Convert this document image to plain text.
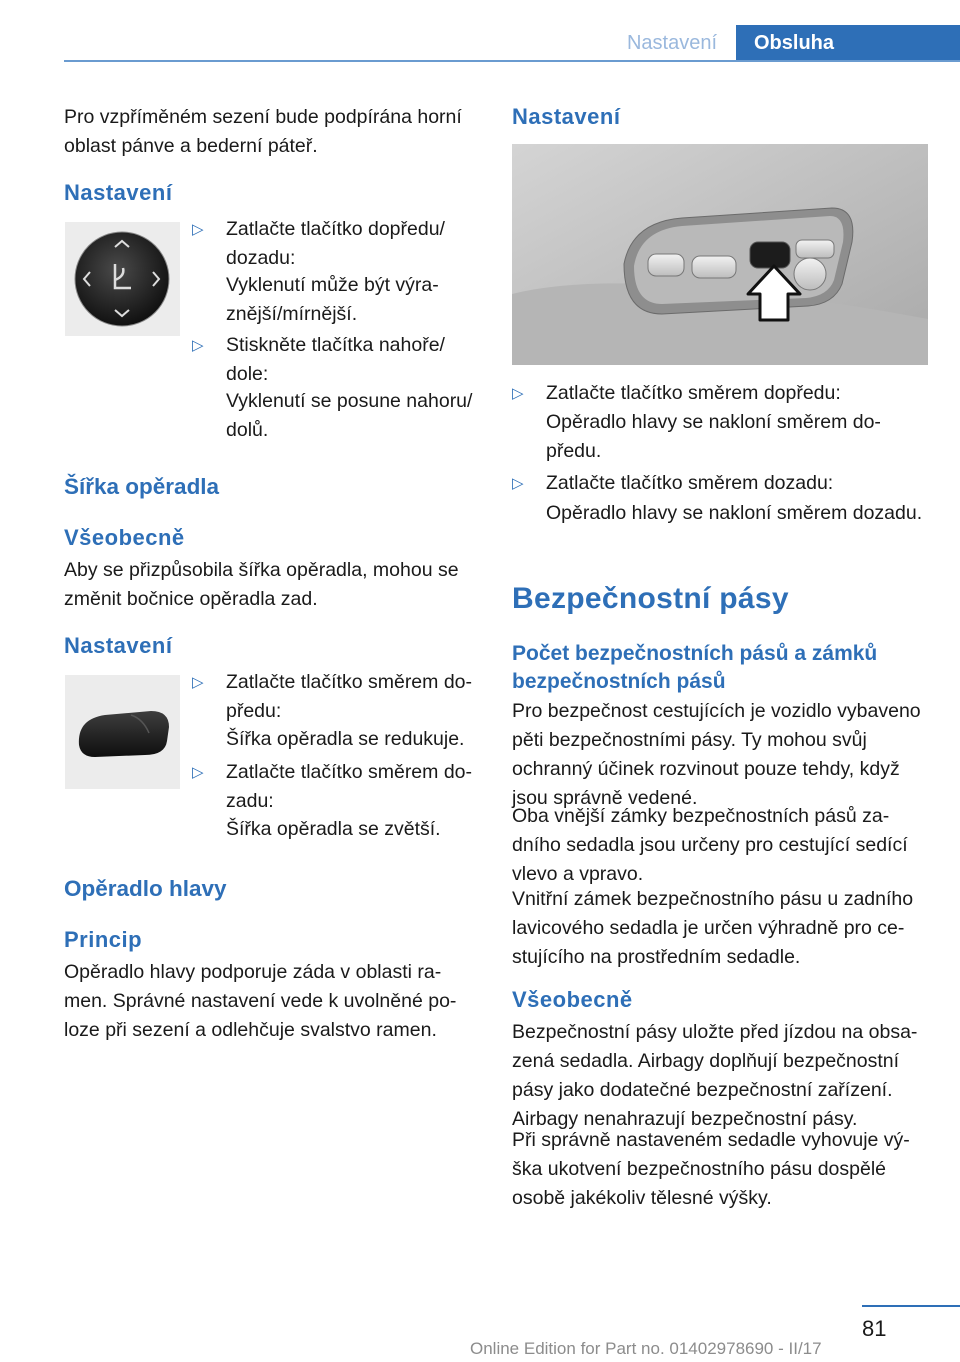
Nastavení	Obsluha

Pro vzpříměném sezení bude podpírána horní oblast pánve a bederní páteř.

Nastavení
▷	Zatlačte tlačítko dopředu/ dozadu:

Vyklenutí může být výra- znější/mírnější.

▷	Stiskněte tlačítka nahoře/ dole:

Vyklenutí se posune nahoru/ dolů.

Šířka opěradla
Všeobecně

Aby se přizpůsobila šířka opěradla, mohou se změnit bočnice opěradla zad.

Nastavení
▷	Zatlačte tlačítko směrem do- předu:

Šířka opěradla se redukuje.

▷	Zatlačte tlačítko směrem do- zadu:

Šířka opěradla se zvětší.

Opěradlo hlavy
Princip

Opěradlo hlavy podporuje záda v oblasti ra- men. Správné nastavení vede k uvolněné po- loze při sezení a odlehčuje svalstvo ramen.

Nastavení
▷	Zatlačte tlačítko směrem dopředu:

Opěradlo hlavy se nakloní směrem do- předu.

▷	Zatlačte tlačítko směrem dozadu:

Opěradlo hlavy se nakloní směrem dozadu.

Bezpečnostní pásy

Počet bezpečnostních pásů a zámků bezpečnostních pásů

Pro bezpečnost cestujících je vozidlo vybaveno pěti bezpečnostními pásy. Ty mohou svůj ochranný účinek rozvinout pouze tehdy, když jsou správně vedené.

Oba vnější zámky bezpečnostních pásů za- dního sedadla jsou určeny pro cestující sedící vlevo a vpravo.

Vnitřní zámek bezpečnostního pásu u zadního lavicového sedadla je určen výhradně pro ce- stujícího na prostředním sedadle.

Všeobecně

Bezpečnostní pásy uložte před jízdou na obsa- zená sedadla. Airbagy doplňují bezpečnostní pásy jako dodatečné bezpečnostní zařízení. Airbagy nenahrazují bezpečnostní pásy.

Při správně nastaveném sedadle vyhovuje vý- ška ukotvení bezpečnostního pásu dospělé osobě jakékoliv tělesné výšky.

81
Online Edition for Part no. 01402978690 - II/17
